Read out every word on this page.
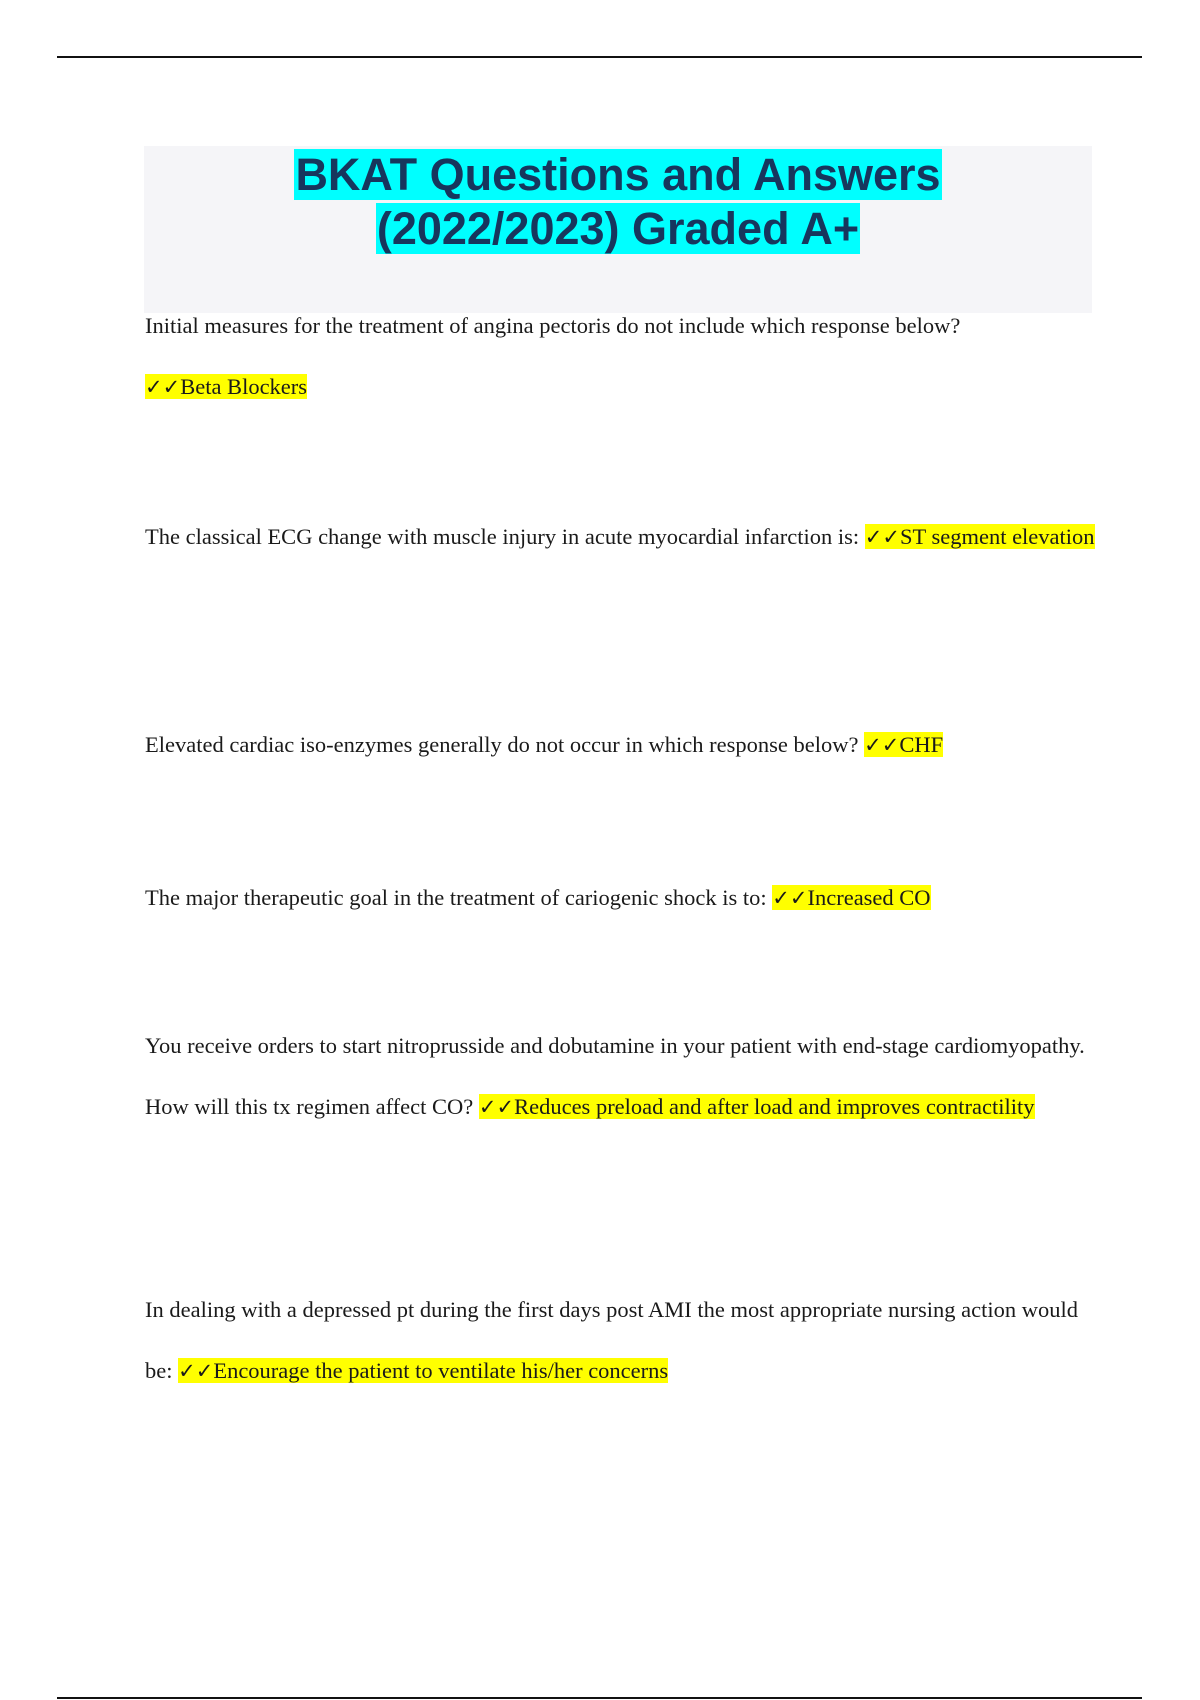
BKAT Questions and Answers
(2022/2023) Graded A+

Initial measures for the treatment of angina pectoris do not include which response below?
✓✓Beta Blockers

The classical ECG change with muscle injury in acute myocardial infarction is: ✓✓ST segment elevation

Elevated cardiac iso-enzymes generally do not occur in which response below? ✓✓CHF

The major therapeutic goal in the treatment of cariogenic shock is to: ✓✓Increased CO

You receive orders to start nitroprusside and dobutamine in your patient with end-stage cardiomyopathy. How will this tx regimen affect CO? ✓✓Reduces preload and after load and improves contractility

In dealing with a depressed pt during the first days post AMI the most appropriate nursing action would be: ✓✓Encourage the patient to ventilate his/her concerns
